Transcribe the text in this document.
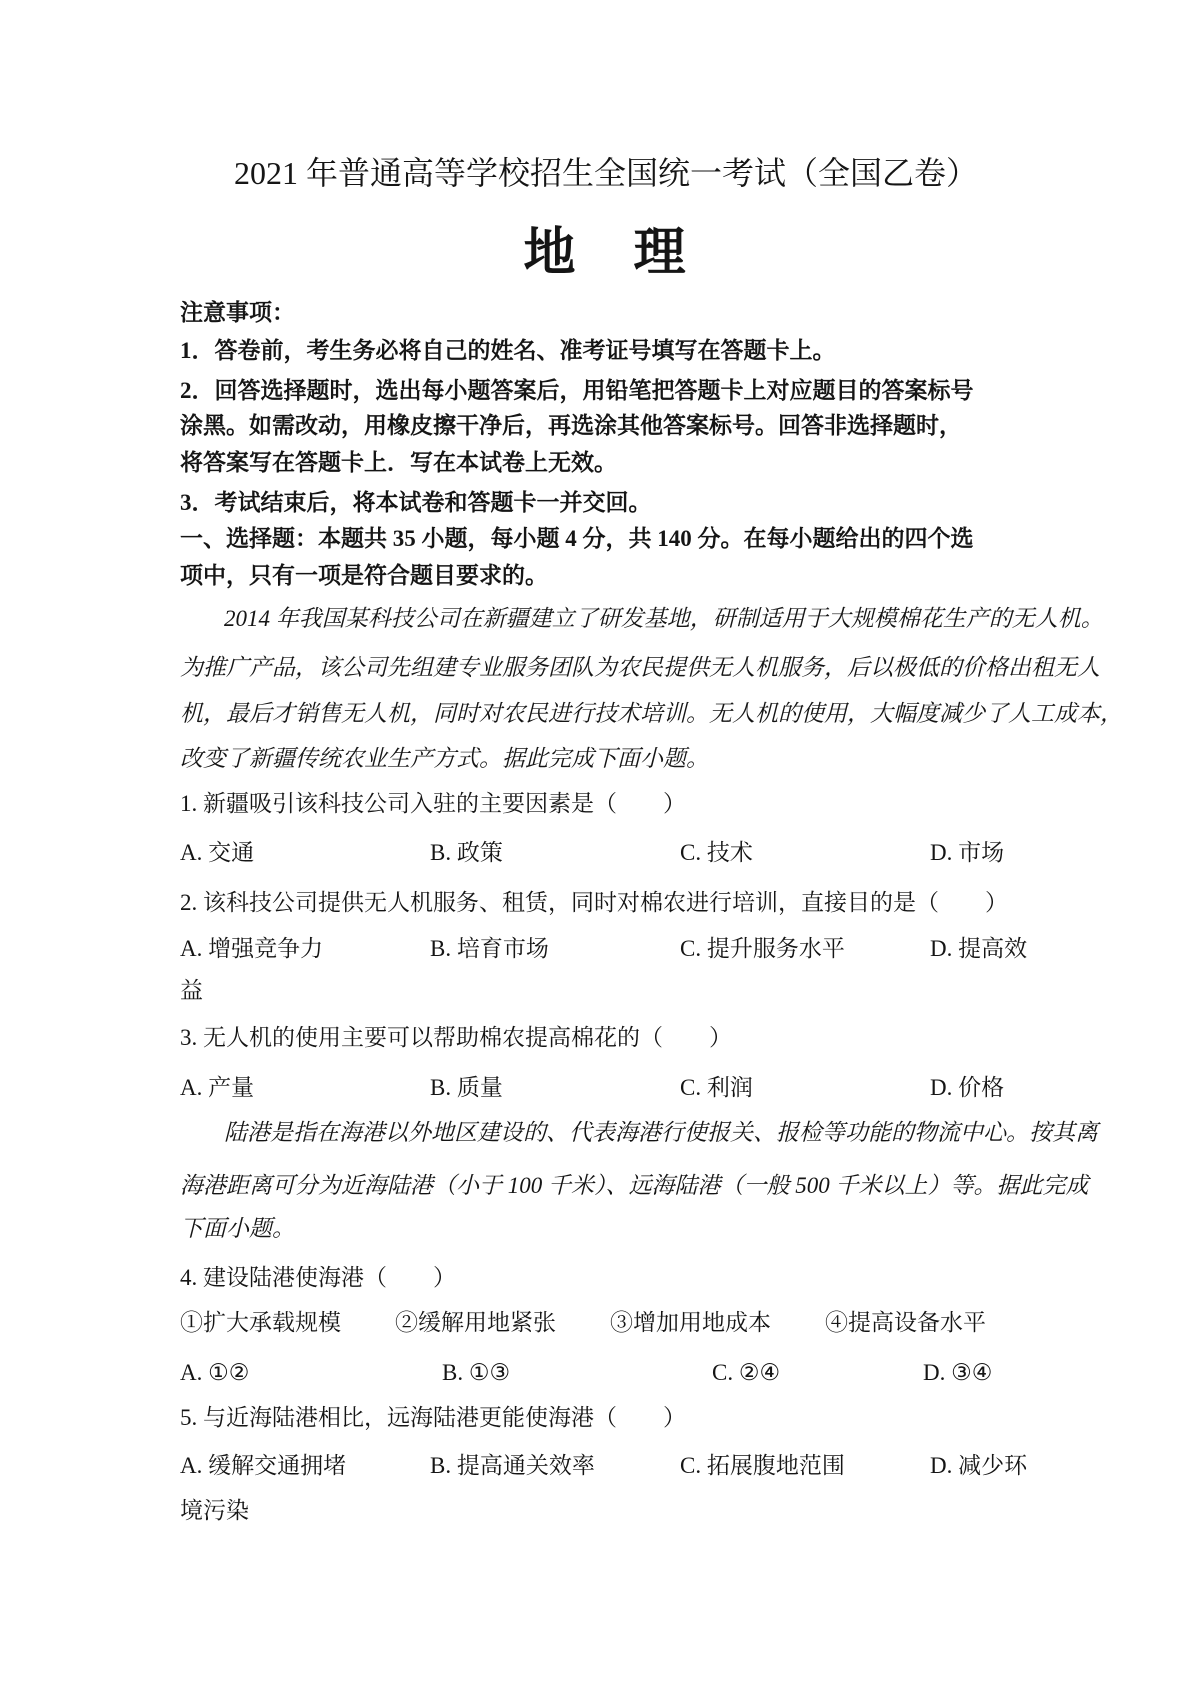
2021 年普通高等学校招生全国统一考试（全国乙卷）
地　理
注意事项：
1．答卷前，考生务必将自己的姓名、准考证号填写在答题卡上。
2．回答选择题时，选出每小题答案后，用铅笔把答题卡上对应题目的答案标号
涂黑。如需改动，用橡皮擦干净后，再选涂其他答案标号。回答非选择题时，
将答案写在答题卡上．写在本试卷上无效。
3．考试结束后，将本试卷和答题卡一并交回。
一、选择题：本题共 35 小题，每小题 4 分，共 140 分。在每小题给出的四个选
项中，只有一项是符合题目要求的。
2014 年我国某科技公司在新疆建立了研发基地，研制适用于大规模棉花生产的无人机。
为推广产品，该公司先组建专业服务团队为农民提供无人机服务，后以极低的价格出租无人
机，最后才销售无人机，同时对农民进行技术培训。无人机的使用，大幅度减少了人工成本，
改变了新疆传统农业生产方式。据此完成下面小题。
1. 新疆吸引该科技公司入驻的主要因素是（　　）
A. 交通	B. 政策	C. 技术	D. 市场
2. 该科技公司提供无人机服务、租赁，同时对棉农进行培训，直接目的是（　　）
A. 增强竞争力	B. 培育市场	C. 提升服务水平	D. 提高效
益
3. 无人机的使用主要可以帮助棉农提高棉花的（　　）
A. 产量	B. 质量	C. 利润	D. 价格
陆港是指在海港以外地区建设的、代表海港行使报关、报检等功能的物流中心。按其离
海港距离可分为近海陆港（小于 100 千米）、远海陆港（一般 500 千米以上）等。据此完成
下面小题。
4. 建设陆港使海港（　　）
①扩大承载规模	②缓解用地紧张	③增加用地成本	④提高设备水平
A. ①②	B. ①③	C. ②④	D. ③④
5. 与近海陆港相比，远海陆港更能使海港（　　）
A. 缓解交通拥堵	B. 提高通关效率	C. 拓展腹地范围	D. 减少环
境污染
